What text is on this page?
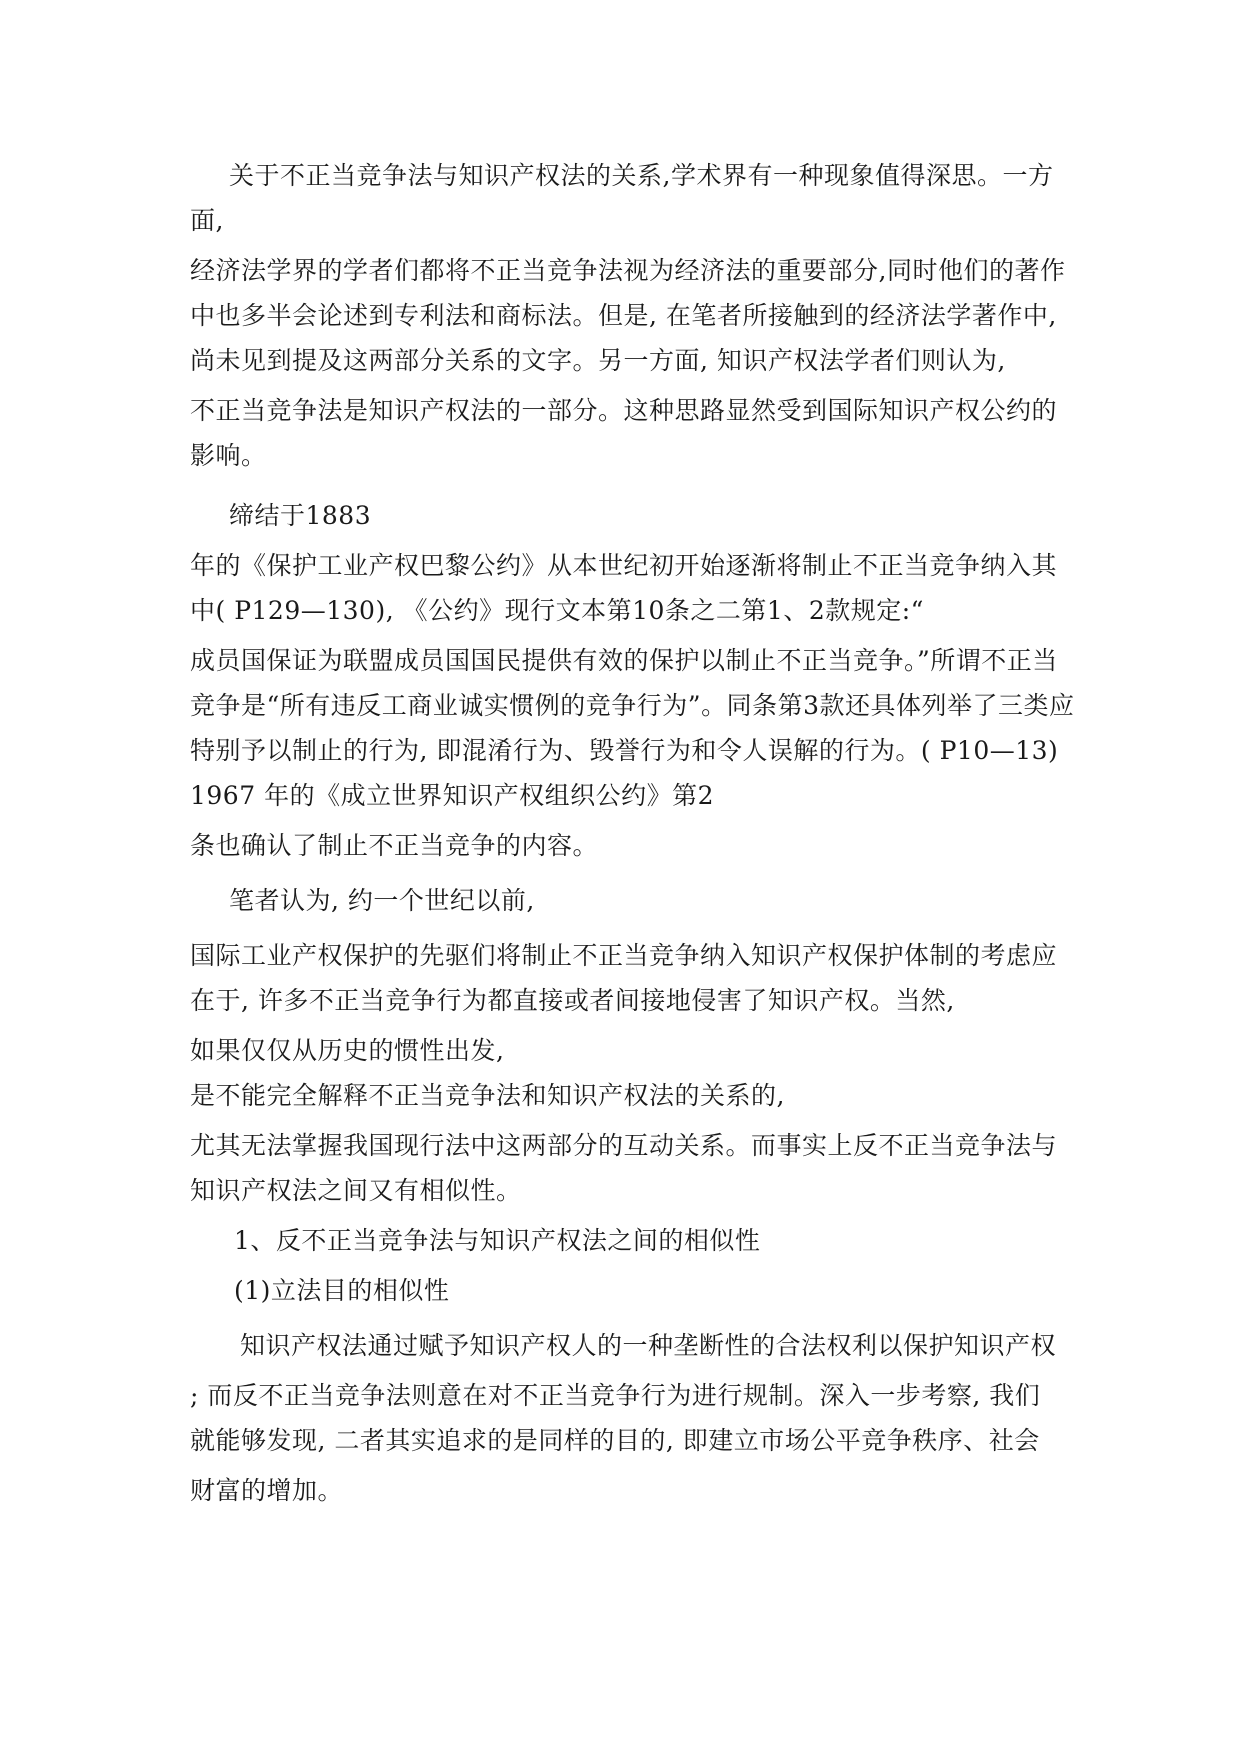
关于不正当竞争法与知识产权法的关系,学术界有一种现象值得深思。一方
面,
经济法学界的学者们都将不正当竞争法视为经济法的重要部分,同时他们的著作
中也多半会论述到专利法和商标法。但是, 在笔者所接触到的经济法学著作中,
尚未见到提及这两部分关系的文字。另一方面, 知识产权法学者们则认为,
不正当竞争法是知识产权法的一部分。这种思路显然受到国际知识产权公约的
影响。
缔结于1883
年的《保护工业产权巴黎公约》从本世纪初开始逐渐将制止不正当竞争纳入其
中( P129—130), 《公约》现行文本第10条之二第1、2款规定:“
成员国保证为联盟成员国国民提供有效的保护以制止不正当竞争。”所谓不正当
竞争是“所有违反工商业诚实惯例的竞争行为”。同条第3款还具体列举了三类应
特别予以制止的行为, 即混淆行为、毁誉行为和令人误解的行为。( P10—13)
1967 年的《成立世界知识产权组织公约》第2
条也确认了制止不正当竞争的内容。
笔者认为, 约一个世纪以前,
国际工业产权保护的先驱们将制止不正当竞争纳入知识产权保护体制的考虑应
在于, 许多不正当竞争行为都直接或者间接地侵害了知识产权。当然,
如果仅仅从历史的惯性出发,
是不能完全解释不正当竞争法和知识产权法的关系的,
尤其无法掌握我国现行法中这两部分的互动关系。而事实上反不正当竞争法与
知识产权法之间又有相似性。
1、反不正当竞争法与知识产权法之间的相似性
(1)立法目的相似性
知识产权法通过赋予知识产权人的一种垄断性的合法权利以保护知识产权
; 而反不正当竞争法则意在对不正当竞争行为进行规制。深入一步考察, 我们
就能够发现, 二者其实追求的是同样的目的, 即建立市场公平竞争秩序、社会
财富的增加。
